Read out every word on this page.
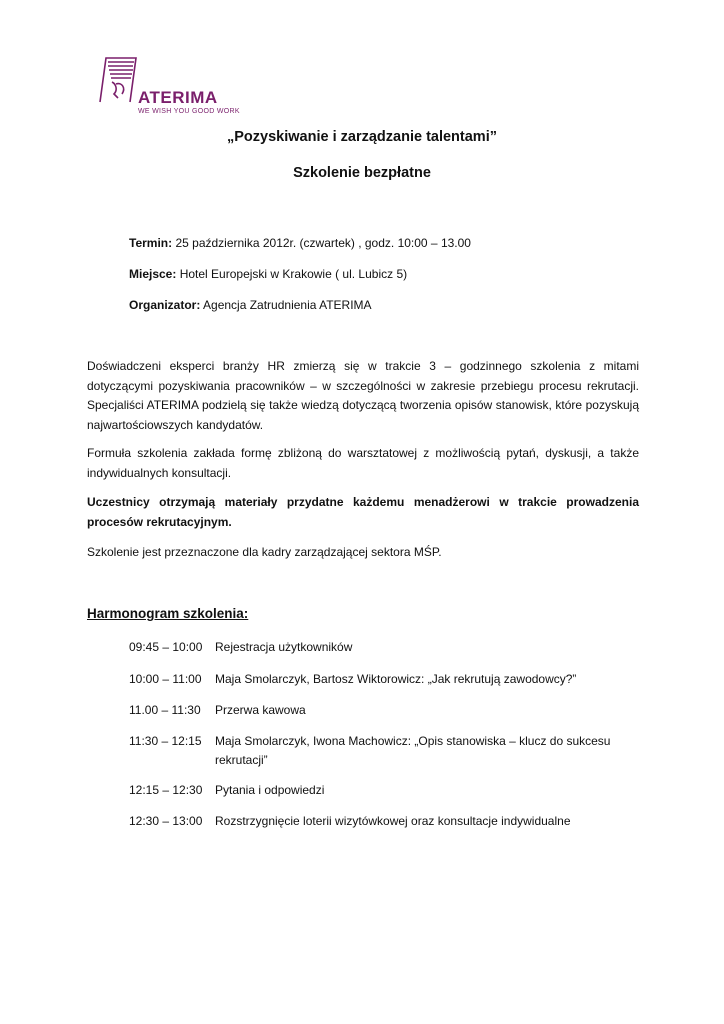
ATERIMA
WE WISH YOU GOOD WORK
„Pozyskiwanie i zarządzanie talentami”
Szkolenie bezpłatne
Termin: 25 października 2012r. (czwartek) , godz. 10:00 – 13.00
Miejsce: Hotel Europejski w Krakowie ( ul. Lubicz 5)
Organizator: Agencja Zatrudnienia ATERIMA
Doświadczeni eksperci branży HR zmierzą się w trakcie 3 – godzinnego szkolenia z mitami dotyczącymi pozyskiwania pracowników – w szczególności w zakresie przebiegu procesu rekrutacji. Specjaliści ATERIMA podzielą się także wiedzą dotyczącą tworzenia opisów stanowisk, które pozyskują najwartościowszych kandydatów.
Formuła szkolenia zakłada formę zbliżoną do warsztatowej z możliwością pytań, dyskusji, a także indywidualnych konsultacji.
Uczestnicy otrzymają materiały przydatne każdemu menadżerowi w trakcie prowadzenia procesów rekrutacyjnym.
Szkolenie jest przeznaczone dla kadry zarządzającej sektora MŚP.
Harmonogram szkolenia:
09:45 – 10:00 Rejestracja użytkowników
10:00 – 11:00 Maja Smolarczyk, Bartosz Wiktorowicz: „Jak rekrutują zawodowcy?”
11.00 – 11:30 Przerwa kawowa
11:30 – 12:15 Maja Smolarczyk, Iwona Machowicz: „Opis stanowiska – klucz do sukcesu rekrutacji”
12:15 – 12:30 Pytania i odpowiedzi
12:30 – 13:00 Rozstrzygnięcie loterii wizytówkowej oraz konsultacje indywidualne
